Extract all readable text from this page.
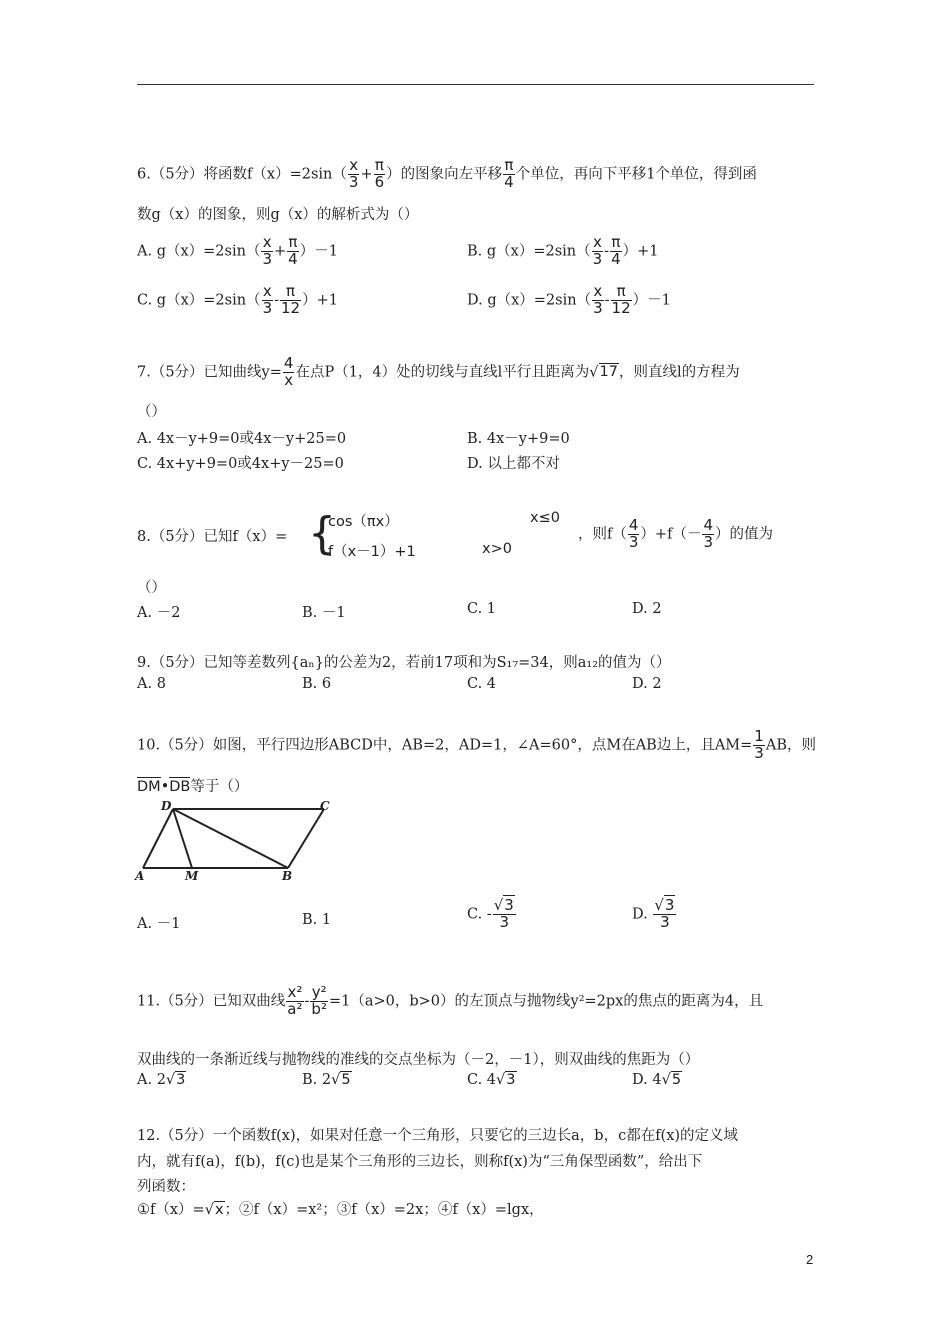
6.（5分）将函数$f(x)=2\sin( \frac{x}{3} + \frac{\pi}{6}$ ）的图象向左平移 $\frac{\pi}{4}$ 个单位，再向下平移1个单位，得到函
数g（x）的图象，则g（x）的解析式为（）
A. $g(x)=2\sin( \frac{x}{3} + \frac{\pi}{4} )-1$	B. $g(x)=2\sin( \frac{x}{3} - \frac{\pi}{4} )+1$
C. $g(x)=2\sin( \frac{x}{3} - \frac{\pi}{12} )+1$	D. $g(x)=2\sin( \frac{x}{3} - \frac{\pi}{12} )-1$
7.（5分）已知曲线$y= \frac{4}{x}$ 在点P（1，4）处的切线与直线l平行且距离为√17，则直线l的方程为
（）
A. 4x－y+9=0或4x－y+25=0	B. 4x－y+9=0
C. 4x+y+9=0或4x+y－25=0	D. 以上都不对
8.（5分）已知f（x）= {
cos（πx）
f（x－1）+1
x≤0
x>0
，则$f( \frac{4}{3} )+f(- \frac{4}{3}$ ）的值为
（）
A. －2	B. －1	C. 1	D. 2
9.（5分）已知等差数列{aₙ}的公差为2，若前17项和为S₁₇=34，则a₁₂的值为（）
A. 8	B. 6	C. 4	D. 2
10.（5分）如图，平行四边形ABCD中，AB=2，AD=1，∠A=60°，点M在AB边上，且$AM= \frac{1}{3}$ AB，则
DM•DB等于（）
A	M	B
C
D
A. －1	B. 1	C. - $\frac{√3}{3}$	D. $\frac{√3}{3}$
11.（5分）已知双曲线 $\frac{\text{x²}}{\text{a²}} - \frac{\text{y²}}{\text{b²}} =1(a>0$，b>0）的左顶点与抛物线y²=2px的焦点的距离为4，且
双曲线的一条渐近线与抛物线的准线的交点坐标为（－2，－1），则双曲线的焦距为（）
A. 2√3	B. 2√5	C. 4√3	D. 4√5
12.（5分）一个函数f(x)，如果对任意一个三角形，只要它的三边长a，b，c都在f(x)的定义域
内，就有f(a)，f(b)，f(c)也是某个三角形的三边长，则称f(x)为“三角保型函数”，给出下
列函数：
①f（x）=√x；②f（x）=x²；③f（x）=2x；④f（x）=lgx，
2
